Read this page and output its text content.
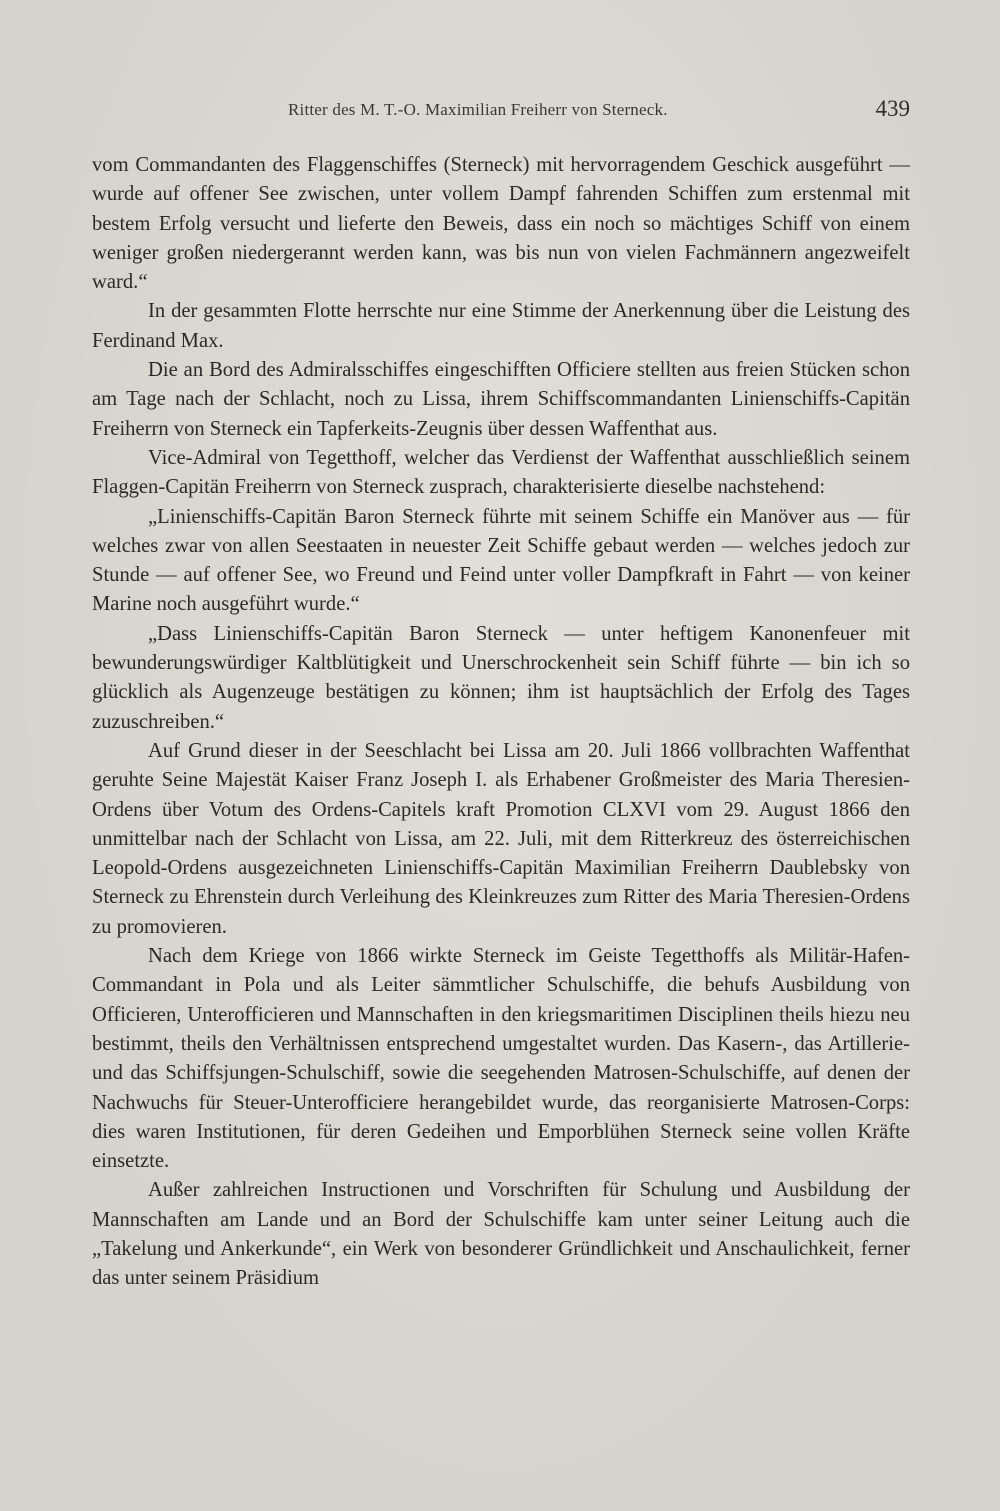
Ritter des M. T.-O. Maximilian Freiherr von Sterneck.	439

vom Commandanten des Flaggenschiffes (Sterneck) mit hervorragendem Geschick ausgeführt — wurde auf offener See zwischen, unter vollem Dampf fahrenden Schiffen zum erstenmal mit bestem Erfolg versucht und lieferte den Beweis, dass ein noch so mächtiges Schiff von einem weniger großen niedergerannt werden kann, was bis nun von vielen Fachmännern angezweifelt ward.“

In der gesammten Flotte herrschte nur eine Stimme der Anerkennung über die Leistung des Ferdinand Max.

Die an Bord des Admiralsschiffes eingeschifften Officiere stellten aus freien Stücken schon am Tage nach der Schlacht, noch zu Lissa, ihrem Schiffscommandanten Linienschiffs-Capitän Freiherrn von Sterneck ein Tapferkeits-Zeugnis über dessen Waffenthat aus.

Vice-Admiral von Tegetthoff, welcher das Verdienst der Waffenthat ausschließlich seinem Flaggen-Capitän Freiherrn von Sterneck zusprach, charakterisierte dieselbe nachstehend:

„Linienschiffs-Capitän Baron Sterneck führte mit seinem Schiffe ein Manöver aus — für welches zwar von allen Seestaaten in neuester Zeit Schiffe gebaut werden — welches jedoch zur Stunde — auf offener See, wo Freund und Feind unter voller Dampfkraft in Fahrt — von keiner Marine noch ausgeführt wurde.“

„Dass Linienschiffs-Capitän Baron Sterneck — unter heftigem Kanonenfeuer mit bewunderungswürdiger Kaltblütigkeit und Unerschrockenheit sein Schiff führte — bin ich so glücklich als Augenzeuge bestätigen zu können; ihm ist hauptsächlich der Erfolg des Tages zuzuschreiben.“

Auf Grund dieser in der Seeschlacht bei Lissa am 20. Juli 1866 vollbrachten Waffenthat geruhte Seine Majestät Kaiser Franz Joseph I. als Erhabener Großmeister des Maria Theresien-Ordens über Votum des Ordens-Capitels kraft Promotion CLXVI vom 29. August 1866 den unmittelbar nach der Schlacht von Lissa, am 22. Juli, mit dem Ritterkreuz des österreichischen Leopold-Ordens ausgezeichneten Linienschiffs-Capitän Maximilian Freiherrn Daublebsky von Sterneck zu Ehrenstein durch Verleihung des Kleinkreuzes zum Ritter des Maria Theresien-Ordens zu promovieren.

Nach dem Kriege von 1866 wirkte Sterneck im Geiste Tegetthoffs als Militär-Hafen-Commandant in Pola und als Leiter sämmtlicher Schulschiffe, die behufs Ausbildung von Officieren, Unterofficieren und Mannschaften in den kriegsmaritimen Disciplinen theils hiezu neu bestimmt, theils den Verhältnissen entsprechend umgestaltet wurden. Das Kasern-, das Artillerie- und das Schiffsjungen-Schulschiff, sowie die seegehenden Matrosen-Schulschiffe, auf denen der Nachwuchs für Steuer-Unterofficiere herangebildet wurde, das reorganisierte Matrosen-Corps: dies waren Institutionen, für deren Gedeihen und Emporblühen Sterneck seine vollen Kräfte einsetzte.

Außer zahlreichen Instructionen und Vorschriften für Schulung und Ausbildung der Mannschaften am Lande und an Bord der Schulschiffe kam unter seiner Leitung auch die „Takelung und Ankerkunde“, ein Werk von besonderer Gründlichkeit und Anschaulichkeit, ferner das unter seinem Präsidium
